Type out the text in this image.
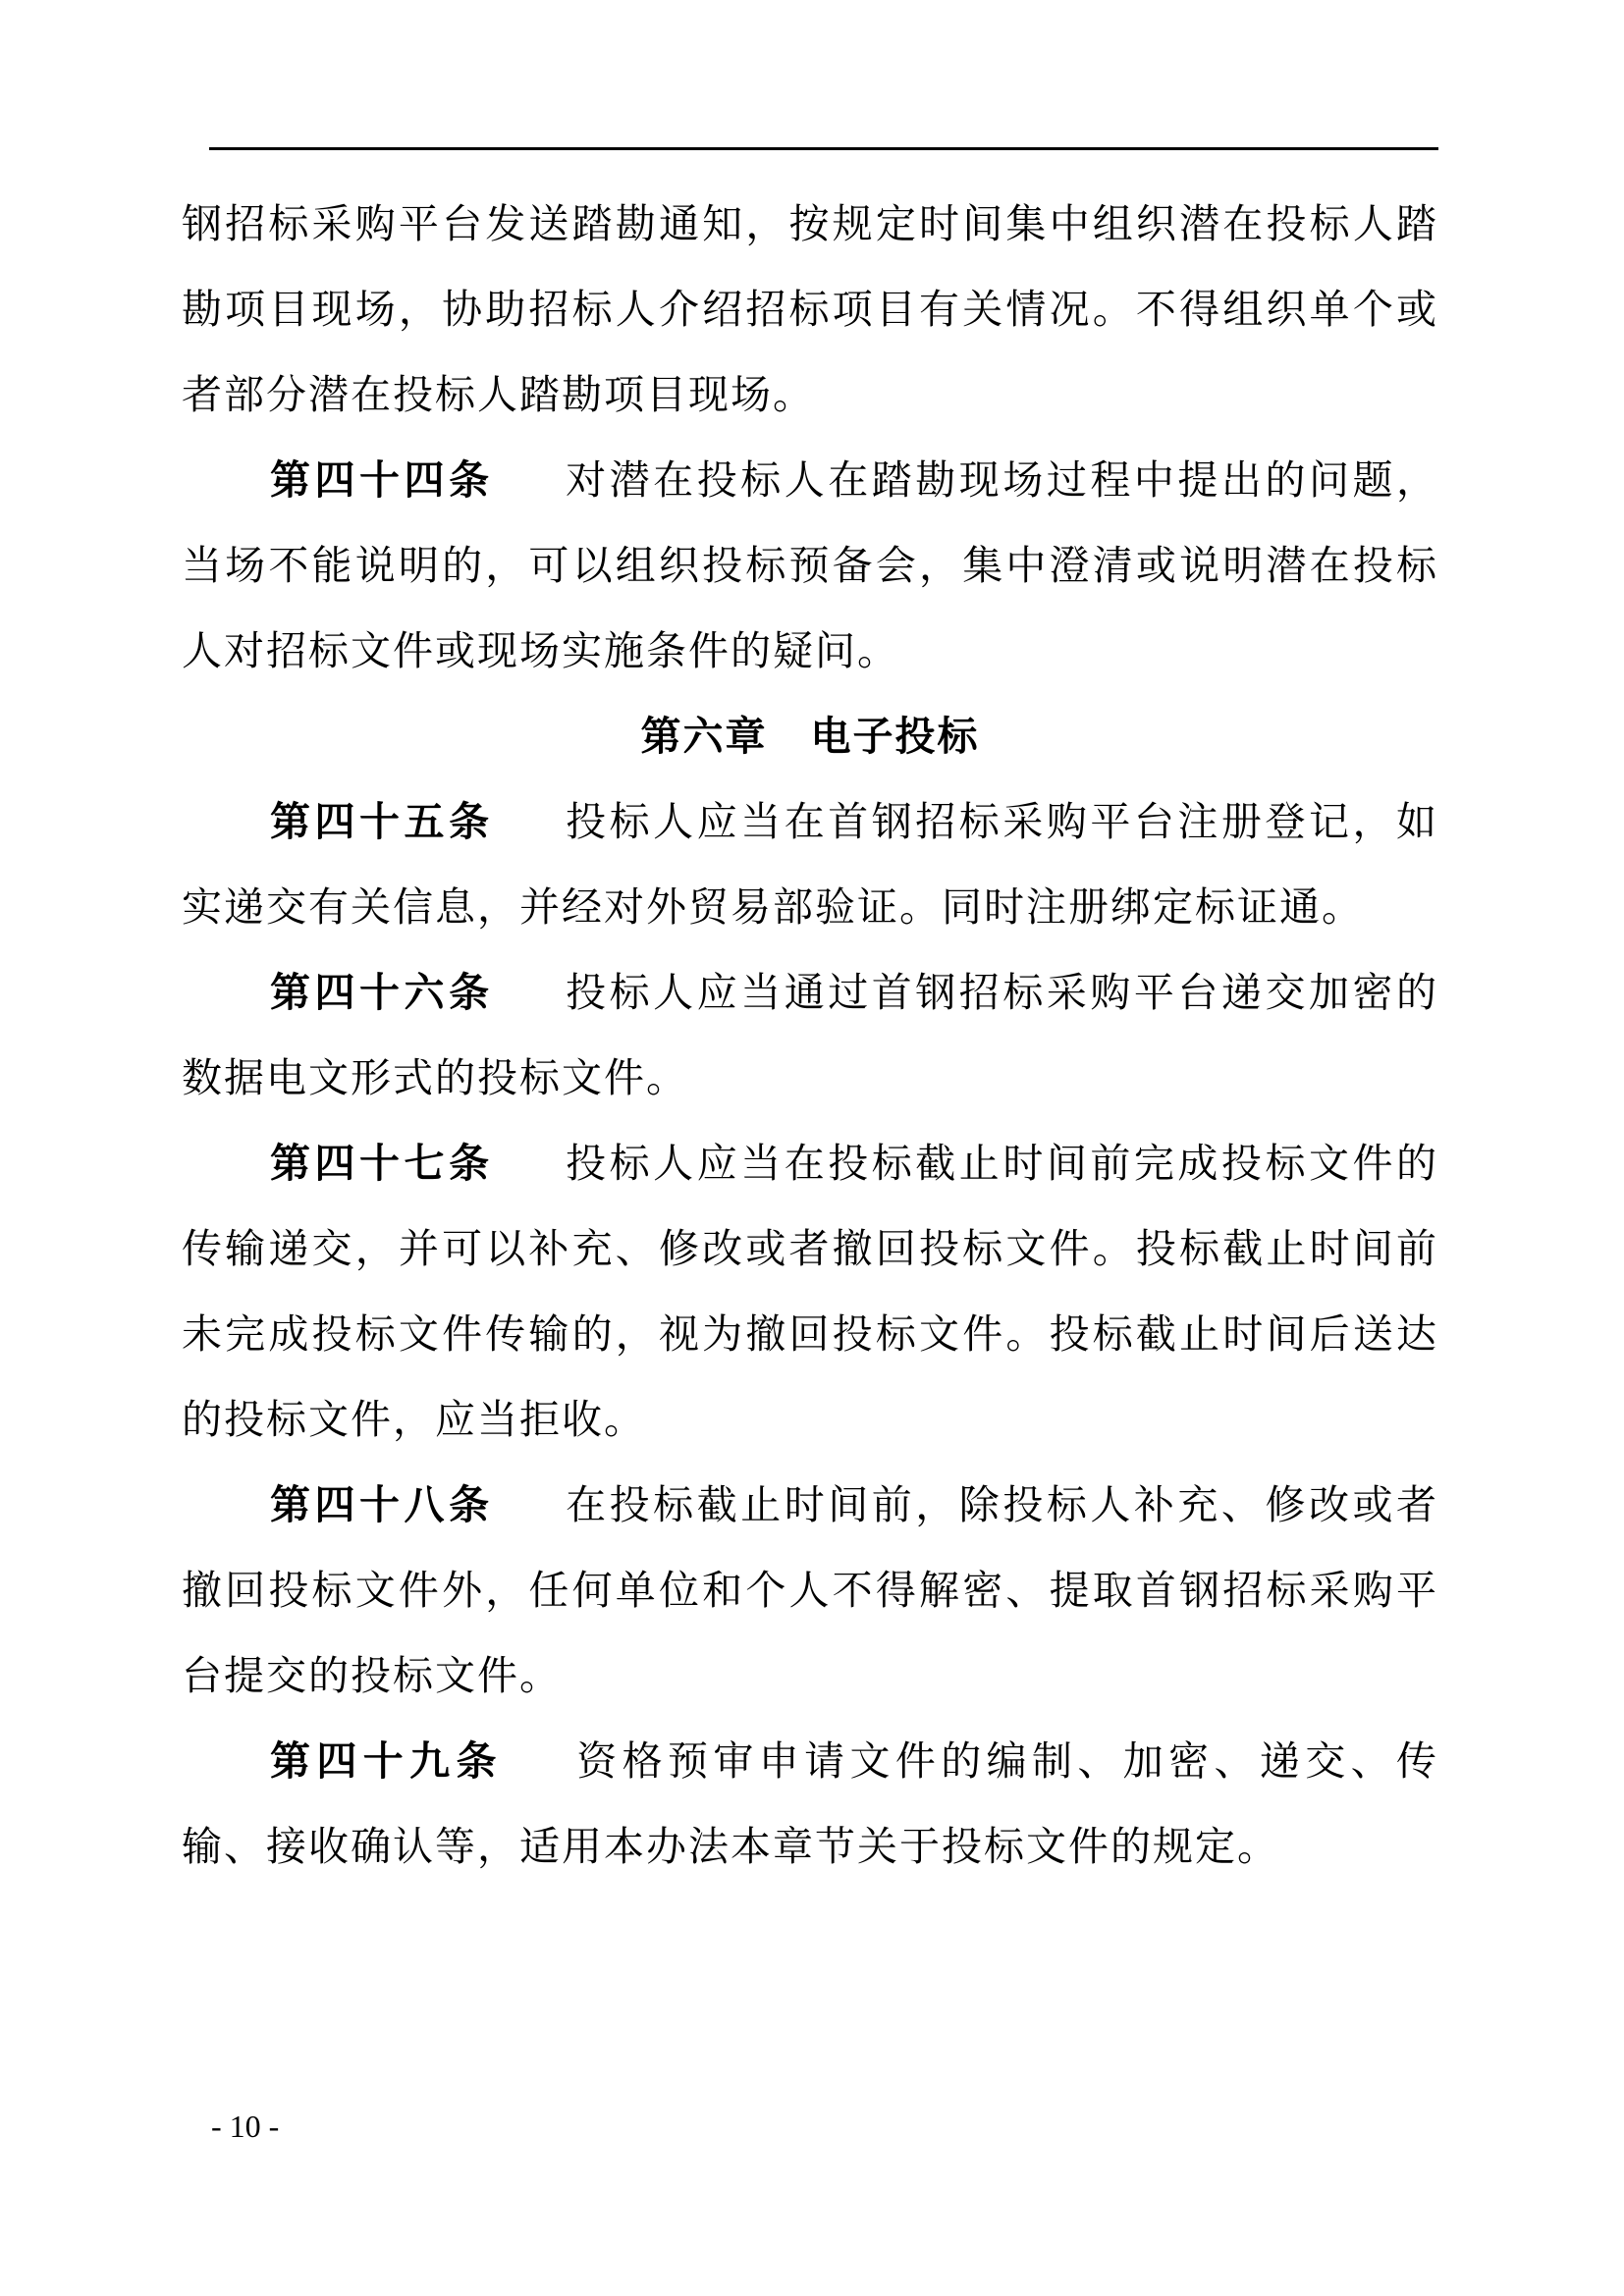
钢招标采购平台发送踏勘通知，按规定时间集中组织潜在投标人踏勘项目现场，协助招标人介绍招标项目有关情况。不得组织单个或者部分潜在投标人踏勘项目现场。

第四十四条 对潜在投标人在踏勘现场过程中提出的问题，当场不能说明的，可以组织投标预备会，集中澄清或说明潜在投标人对招标文件或现场实施条件的疑问。

第六章 电子投标

第四十五条 投标人应当在首钢招标采购平台注册登记，如实递交有关信息，并经对外贸易部验证。同时注册绑定标证通。

第四十六条 投标人应当通过首钢招标采购平台递交加密的数据电文形式的投标文件。

第四十七条 投标人应当在投标截止时间前完成投标文件的传输递交，并可以补充、修改或者撤回投标文件。投标截止时间前未完成投标文件传输的，视为撤回投标文件。投标截止时间后送达的投标文件，应当拒收。

第四十八条 在投标截止时间前，除投标人补充、修改或者撤回投标文件外，任何单位和个人不得解密、提取首钢招标采购平台提交的投标文件。

第四十九条 资格预审申请文件的编制、加密、递交、传输、接收确认等，适用本办法本章节关于投标文件的规定。

- 10 -
